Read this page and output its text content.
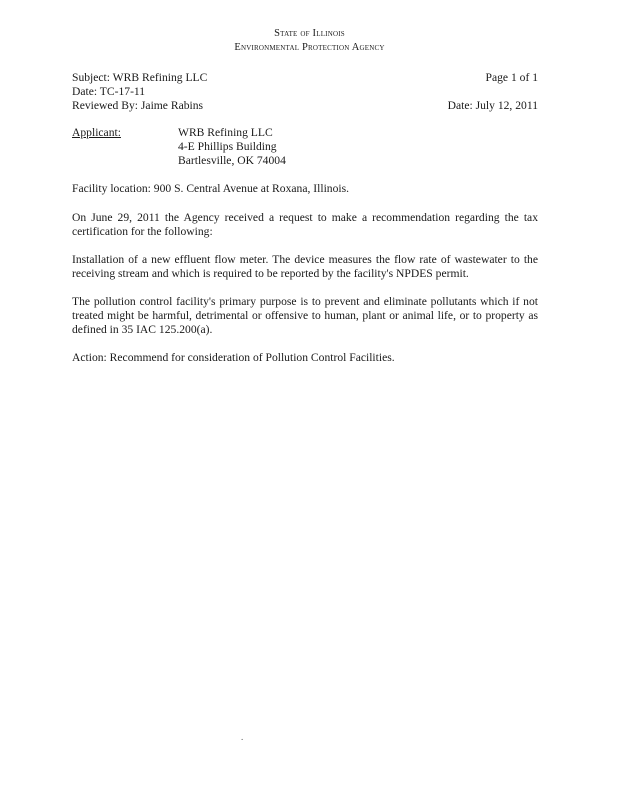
State of Illinois
Environmental Protection Agency
Subject: WRB Refining LLC	Page 1 of 1
Date: TC-17-11
Reviewed By: Jaime Rabins	Date: July 12, 2011
Applicant:	WRB Refining LLC
4-E Phillips Building
Bartlesville, OK 74004
Facility location: 900 S. Central Avenue at Roxana, Illinois.
On June 29, 2011 the Agency received a request to make a recommendation regarding the tax certification for the following:
Installation of a new effluent flow meter. The device measures the flow rate of wastewater to the receiving stream and which is required to be reported by the facility's NPDES permit.
The pollution control facility's primary purpose is to prevent and eliminate pollutants which if not treated might be harmful, detrimental or offensive to human, plant or animal life, or to property as defined in 35 IAC 125.200(a).
Action: Recommend for consideration of Pollution Control Facilities.
.
